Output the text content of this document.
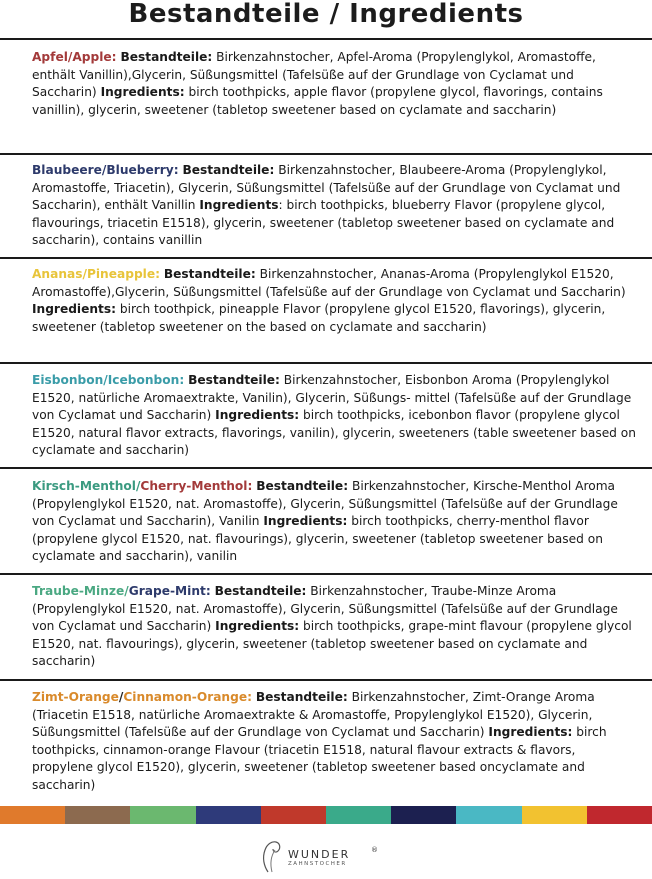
Bestandteile / Ingredients

Apfel/Apple: Bestandteile: Birkenzahnstocher, Apfel-Aroma (Propylenglykol, Aromastoffe, enthält Vanillin),Glycerin, Süßungsmittel (Tafelsüße auf der Grundlage von Cyclamat und Saccharin) Ingredients: birch toothpicks, apple flavor (propylene glycol, flavorings, contains vanillin), glycerin, sweetener (tabletop sweetener based on cyclamate and saccharin)

Blaubeere/Blueberry: Bestandteile: Birkenzahnstocher, Blaubeere-Aroma (Propylenglykol, Aromastoffe, Triacetin), Glycerin, Süßungsmittel (Tafelsüße auf der Grundlage von Cyclamat und Saccharin), enthält Vanillin Ingredients: birch toothpicks, blueberry Flavor (propylene glycol, flavourings, triacetin E1518), glycerin, sweetener (tabletop sweetener based on cyclamate and saccharin), contains vanillin

Ananas/Pineapple: Bestandteile: Birkenzahnstocher, Ananas-Aroma (Propylenglykol E1520, Aromastoffe),Glycerin, Süßungsmittel (Tafelsüße auf der Grundlage von Cyclamat und Saccharin) Ingredients: birch toothpick, pineapple Flavor (propylene glycol E1520, flavorings), glycerin, sweetener (tabletop sweetener on the based on cyclamate and saccharin)

Eisbonbon/Icebonbon: Bestandteile: Birkenzahnstocher, Eisbonbon Aroma (Propylenglykol E1520, natürliche Aromaextrakte, Vanilin), Glycerin, Süßungs- mittel (Tafelsüße auf der Grundlage von Cyclamat und Saccharin) Ingredients: birch toothpicks, icebonbon flavor (propylene glycol E1520, natural flavor extracts, flavorings, vanilin), glycerin, sweeteners (table sweetener based on cyclamate and saccharin)

Kirsch-Menthol/Cherry-Menthol: Bestandteile: Birkenzahnstocher, Kirsche-Menthol Aroma (Propylenglykol E1520, nat. Aromastoffe), Glycerin, Süßungsmittel (Tafelsüße auf der Grundlage von Cyclamat und Saccharin), Vanilin Ingredients: birch toothpicks, cherry-menthol flavor (propylene glycol E1520, nat. flavourings), glycerin, sweetener (tabletop sweetener based on cyclamate and saccharin), vanilin

Traube-Minze/Grape-Mint: Bestandteile: Birkenzahnstocher, Traube-Minze Aroma (Propylenglykol E1520, nat. Aromastoffe), Glycerin, Süßungsmittel (Tafelsüße auf der Grundlage von Cyclamat und Saccharin) Ingredients: birch toothpicks, grape-mint flavour (propylene glycol E1520, nat. flavourings), glycerin, sweetener (tabletop sweetener based on cyclamate and saccharin)

Zimt-Orange/Cinnamon-Orange: Bestandteile: Birkenzahnstocher, Zimt-Orange Aroma (Triacetin E1518, natürliche Aromaextrakte & Aromastoffe, Propylenglykol E1520), Glycerin, Süßungsmittel (Tafelsüße auf der Grundlage von Cyclamat und Saccharin) Ingredients: birch toothpicks, cinnamon-orange Flavour (triacetin E1518, natural flavour extracts & flavors, propylene glycol E1520), glycerin, sweetener (tabletop sweetener based oncyclamate and saccharin)

WUNDER	®
ZAHNSTOCHER
